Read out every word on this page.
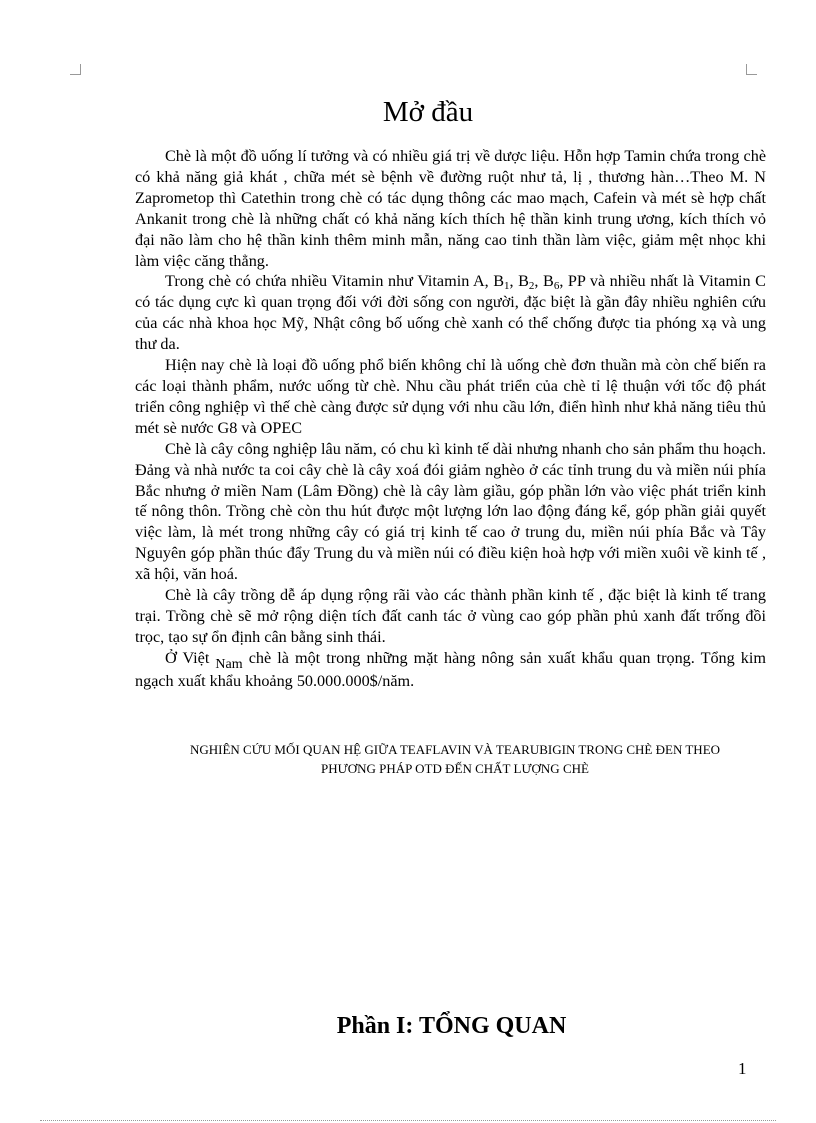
Mở đầu

Chè là một đồ uống lí tưởng và có nhiều giá trị về dược liệu. Hỗn hợp Tamin chứa trong chè có khả năng giả khát , chữa mét sè bệnh về đường ruột như tả, lị , thương hàn…Theo M. N Zaprometop thì Catethin trong chè có tác dụng thông các mao mạch, Cafein và mét sè hợp chất Ankanit trong chè là những chất có khả năng kích thích hệ thần kinh trung ương, kích thích vỏ đại não làm cho hệ thần kinh thêm minh mẫn, năng cao tinh thần làm việc, giảm mệt nhọc khi làm việc căng thẳng.

Trong chè có chứa nhiều Vitamin như Vitamin A, $B_1$, $B_2$, $B_6$, PP và nhiều nhất là Vitamin C có tác dụng cực kì quan trọng đối với đời sống con người, đặc biệt là gần đây nhiều nghiên cứu của các nhà khoa học Mỹ, Nhật công bố uống chè xanh có thể chống được tia phóng xạ và ung thư da.

Hiện nay chè là loại đồ uống phổ biến không chỉ là uống chè đơn thuần mà còn chế biến ra các loại thành phẩm, nước uống từ chè. Nhu cầu phát triển của chè tỉ lệ thuận với tốc độ phát triển công nghiệp vì thế chè càng được sử dụng với nhu cầu lớn, điển hình như khả năng tiêu thủ mét sè nước G8 và OPEC

Chè là cây công nghiệp lâu năm, có chu kì kinh tế dài nhưng nhanh cho sản phẩm thu hoạch. Đảng và nhà nước ta coi cây chè là cây xoá đói giảm nghèo ở các tỉnh trung du và miền núi phía Bắc nhưng ở miền Nam (Lâm Đồng) chè là cây làm giầu, góp phần lớn vào việc phát triển kinh tế nông thôn. Trồng chè còn thu hút được một lượng lớn lao động đáng kể, góp phần giải quyết việc làm, là mét trong những cây có giá trị kinh tế cao ở trung du, miền núi phía Bắc và Tây Nguyên góp phần thúc đẩy Trung du và miền núi có điều kiện hoà hợp với miền xuôi về kinh tế , xã hội, văn hoá.

Chè là cây trồng dễ áp dụng rộng rãi vào các thành phần kinh tế , đặc biệt là kinh tế trang trại. Trồng chè sẽ mở rộng diện tích đất canh tác ở vùng cao góp phần phủ xanh đất trống đồi trọc, tạo sự ổn định cân bằng sinh thái.

Ở Việt Nam chè là một trong những mặt hàng nông sản xuất khẩu quan trọng. Tổng kim ngạch xuất khẩu khoảng 50.000.000$/năm.

NGHIÊN CỨU MỐI QUAN HỆ GIỮA TEAFLAVIN VÀ TEARUBIGIN TRONG CHÈ ĐEN THEO PHƯƠNG PHÁP OTD ĐẾN CHẤT LƯỢNG CHÈ
Phần I: TỔNG QUAN
1
